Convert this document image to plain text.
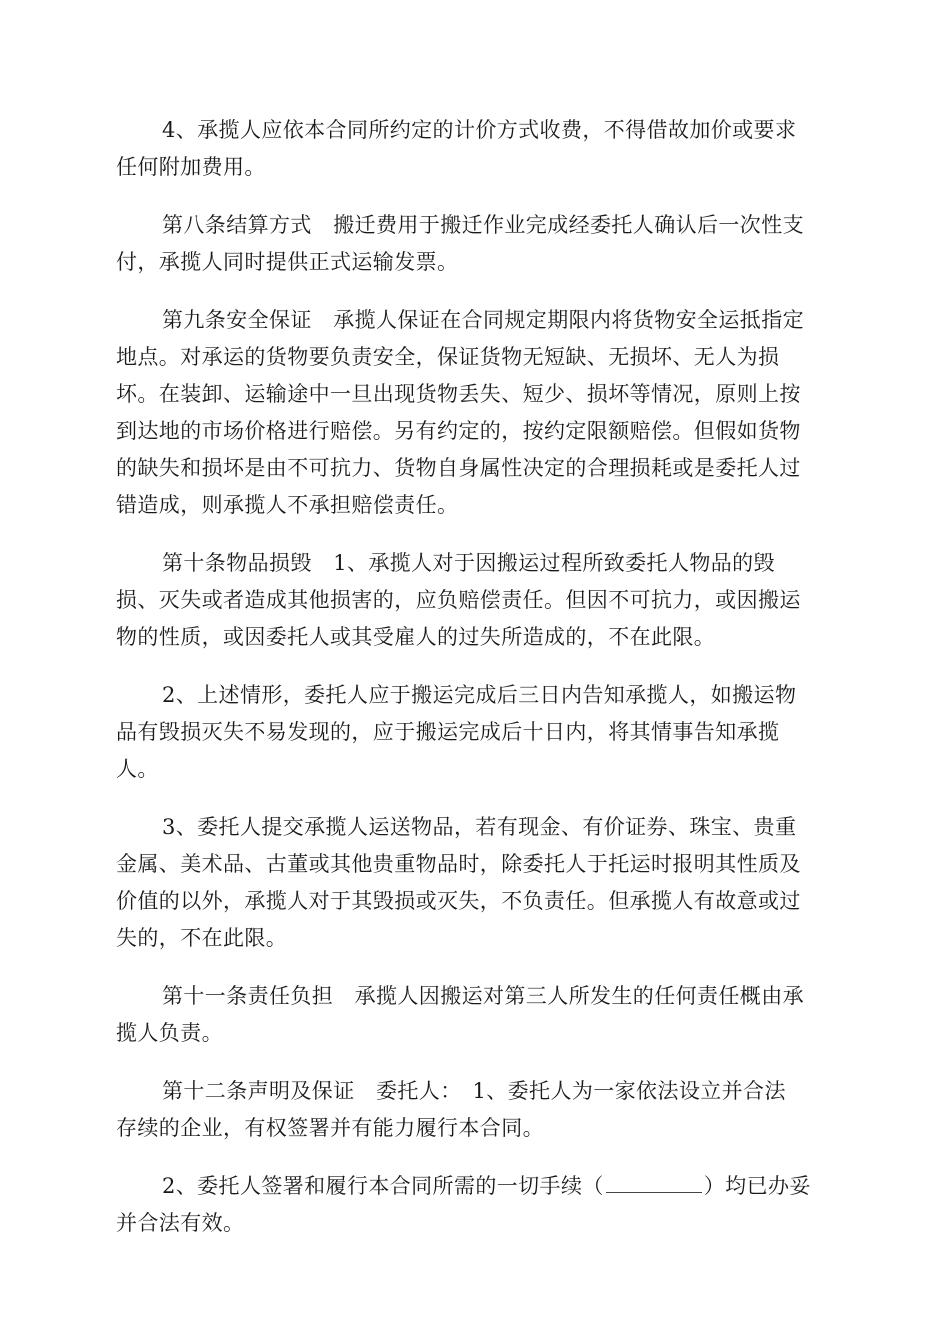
4、承揽人应依本合同所约定的计价方式收费，不得借故加价或要求
任何附加费用。

第八条结算方式　搬迁费用于搬迁作业完成经委托人确认后一次性支
付，承揽人同时提供正式运输发票。

第九条安全保证　承揽人保证在合同规定期限内将货物安全运抵指定
地点。对承运的货物要负责安全，保证货物无短缺、无损坏、无人为损
坏。在装卸、运输途中一旦出现货物丢失、短少、损坏等情况，原则上按
到达地的市场价格进行赔偿。另有约定的，按约定限额赔偿。但假如货物
的缺失和损坏是由不可抗力、货物自身属性决定的合理损耗或是委托人过
错造成，则承揽人不承担赔偿责任。

第十条物品损毁　1、承揽人对于因搬运过程所致委托人物品的毁
损、灭失或者造成其他损害的，应负赔偿责任。但因不可抗力，或因搬运
物的性质，或因委托人或其受雇人的过失所造成的，不在此限。

2、上述情形，委托人应于搬运完成后三日内告知承揽人，如搬运物
品有毁损灭失不易发现的，应于搬运完成后十日内，将其情事告知承揽
人。

3、委托人提交承揽人运送物品，若有现金、有价证券、珠宝、贵重
金属、美术品、古董或其他贵重物品时，除委托人于托运时报明其性质及
价值的以外，承揽人对于其毁损或灭失，不负责任。但承揽人有故意或过
失的，不在此限。

第十一条责任负担　承揽人因搬运对第三人所发生的任何责任概由承
揽人负责。

第十二条声明及保证　委托人：　1、委托人为一家依法设立并合法
存续的企业，有权签署并有能力履行本合同。

2、委托人签署和履行本合同所需的一切手续（	）均已办妥
并合法有效。
